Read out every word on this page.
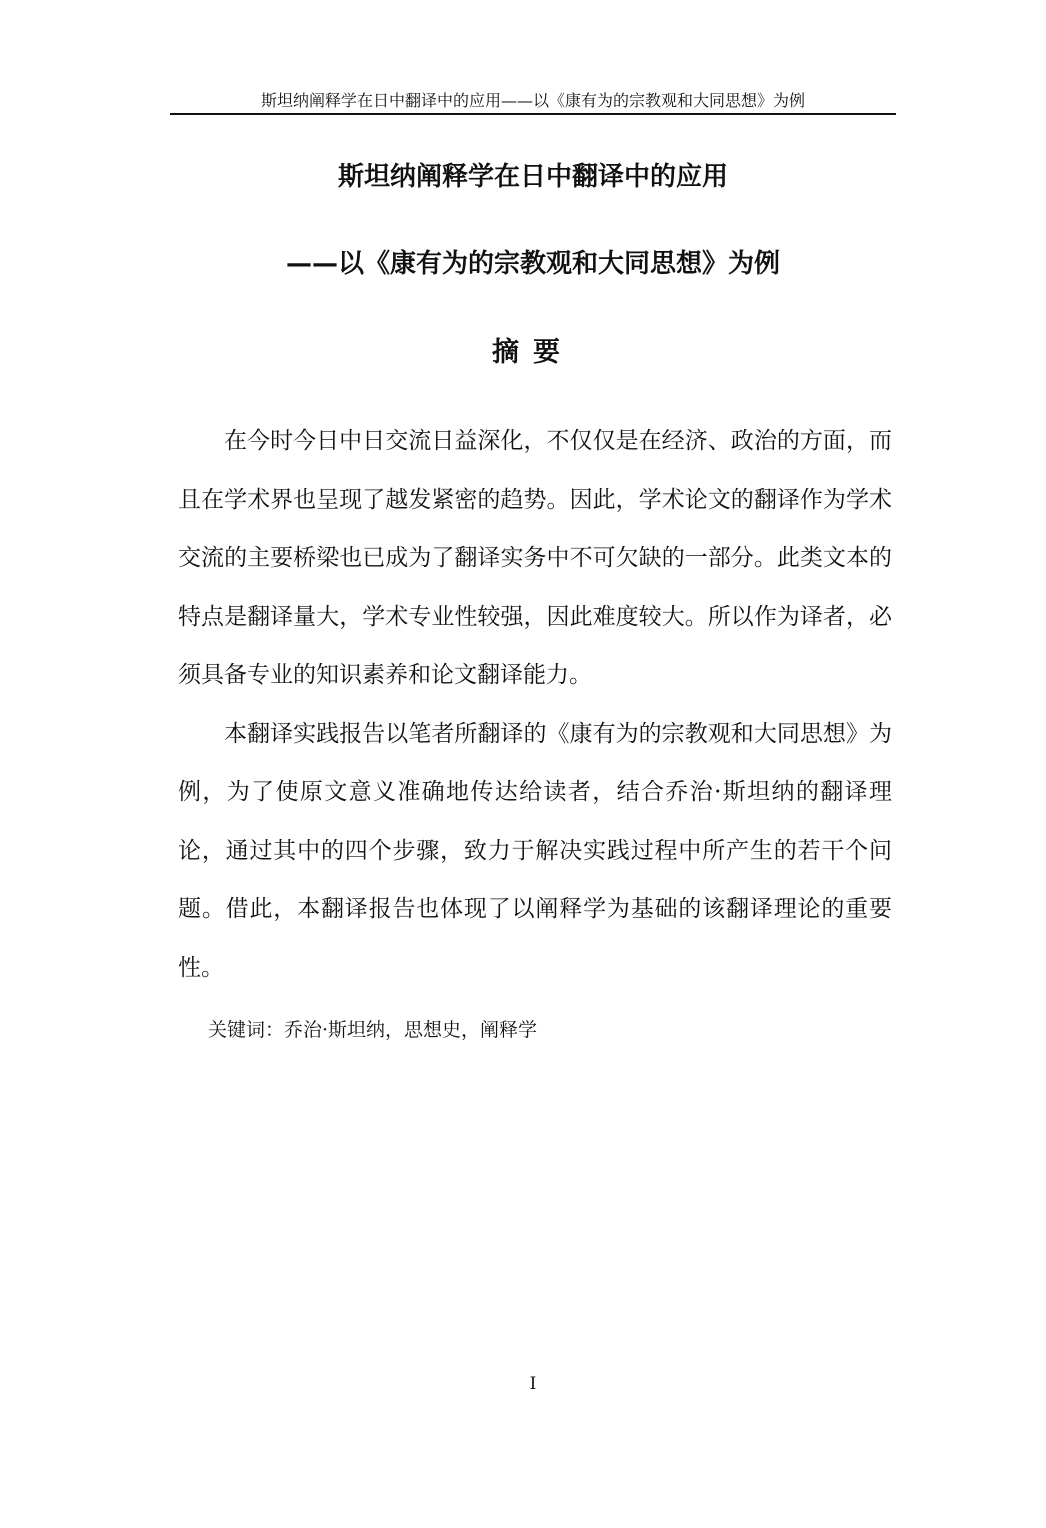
斯坦纳阐释学在日中翻译中的应用——以《康有为的宗教观和大同思想》为例
斯坦纳阐释学在日中翻译中的应用
——以《康有为的宗教观和大同思想》为例
摘要

在今时今日中日交流日益深化，不仅仅是在经济、政治的方面，而且在学术界也呈现了越发紧密的趋势。因此，学术论文的翻译作为学术交流的主要桥梁也已成为了翻译实务中不可欠缺的一部分。此类文本的特点是翻译量大，学术专业性较强，因此难度较大。所以作为译者，必须具备专业的知识素养和论文翻译能力。

本翻译实践报告以笔者所翻译的《康有为的宗教观和大同思想》为例，为了使原文意义准确地传达给读者，结合乔治·斯坦纳的翻译理论，通过其中的四个步骤，致力于解决实践过程中所产生的若干个问题。借此，本翻译报告也体现了以阐释学为基础的该翻译理论的重要性。

关键词：乔治·斯坦纳，思想史，阐释学
I
